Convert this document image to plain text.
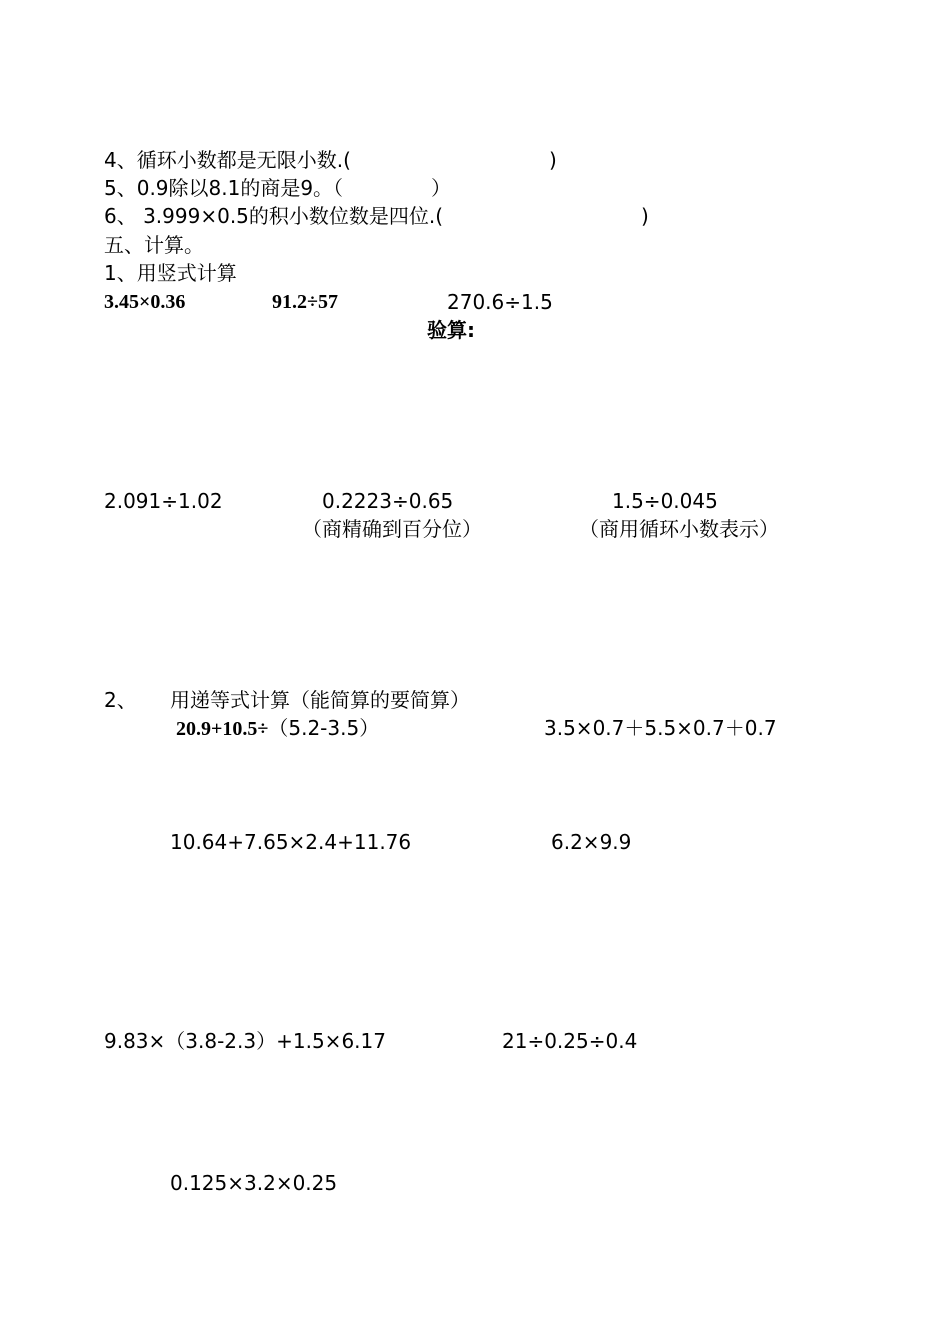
4、循环小数都是无限小数.(	)
5、0.9除以8.1的商是9。（	）
6、 3.999×0.5的积小数位数是四位.(	)
五、计算。
1、用竖式计算
3.45×0.36	91.2÷57	270.6÷1.5
验算:
2.091÷1.02	0.2223÷0.65	1.5÷0.045
（商精确到百分位）	（商用循环小数表示）
2、 用递等式计算（能简算的要简算）
20.9+10.5÷（5.2-3.5）	3.5×0.7＋5.5×0.7＋0.7
10.64+7.65×2.4+11.76	6.2×9.9
9.83×（3.8-2.3）+1.5×6.17	21÷0.25÷0.4
0.125×3.2×0.25
